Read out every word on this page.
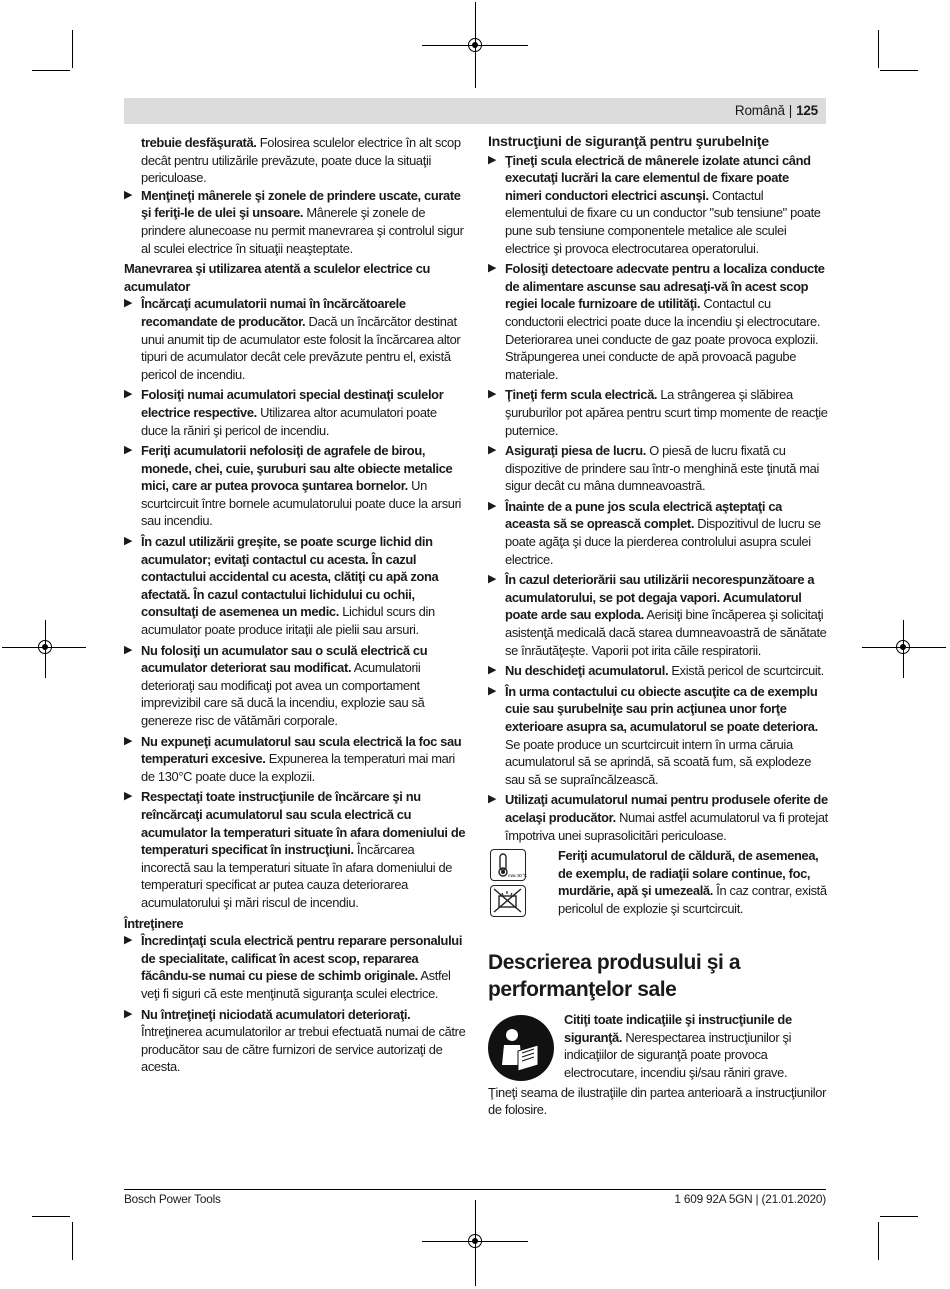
Română | 125

trebuie desfăşurată. Folosirea sculelor electrice în alt scop decât pentru utilizările prevăzute, poate duce la situaţii periculoase.

▶ Menţineţi mânerele şi zonele de prindere uscate, curate şi feriţi-le de ulei şi unsoare. Mânerele şi zonele de prindere alunecoase nu permit manevrarea şi controlul sigur al sculei electrice în situaţii neaşteptate.

Manevrarea şi utilizarea atentă a sculelor electrice cu acumulator

▶ Încărcaţi acumulatorii numai în încărcătoarele recomandate de producător. Dacă un încărcător destinat unui anumit tip de acumulator este folosit la încărcarea altor tipuri de acumulator decât cele prevăzute pentru el, există pericol de incendiu.
▶ Folosiţi numai acumulatori special destinaţi sculelor electrice respective. Utilizarea altor acumulatori poate duce la răniri şi pericol de incendiu.
▶ Feriţi acumulatorii nefolosiţi de agrafele de birou, monede, chei, cuie, şuruburi sau alte obiecte metalice mici, care ar putea provoca şuntarea bornelor. Un scurtcircuit între bornele acumulatorului poate duce la arsuri sau incendiu.
▶ În cazul utilizării greşite, se poate scurge lichid din acumulator; evitaţi contactul cu acesta. În cazul contactului accidental cu acesta, clătiţi cu apă zona afectată. În cazul contactului lichidului cu ochii, consultaţi de asemenea un medic. Lichidul scurs din acumulator poate produce iritaţii ale pielii sau arsuri.
▶ Nu folosiţi un acumulator sau o sculă electrică cu acumulator deteriorat sau modificat. Acumulatorii deterioraţi sau modificaţi pot avea un comportament imprevizibil care să ducă la incendiu, explozie sau să genereze risc de vătămări corporale.
▶ Nu expuneţi acumulatorul sau scula electrică la foc sau temperaturi excesive. Expunerea la temperaturi mai mari de 130°C poate duce la explozii.
▶ Respectaţi toate instrucţiunile de încărcare şi nu reîncărcaţi acumulatorul sau scula electrică cu acumulator la temperaturi situate în afara domeniului de temperaturi specificat în instrucţiuni. Încărcarea incorectă sau la temperaturi situate în afara domeniului de temperaturi specificat ar putea cauza deteriorarea acumulatorului şi mări riscul de incendiu.

Întreţinere

▶ Încredinţaţi scula electrică pentru reparare personalului de specialitate, calificat în acest scop, repararea făcându-se numai cu piese de schimb originale. Astfel veţi fi siguri că este menţinută siguranţa sculei electrice.
▶ Nu întreţineţi niciodată acumulatori deterioraţi. Întreţinerea acumulatorilor ar trebui efectuată numai de către producător sau de către furnizori de service autorizaţi de acesta.

Instrucţiuni de siguranţă pentru şurubelniţe

▶ Ţineţi scula electrică de mânerele izolate atunci când executaţi lucrări la care elementul de fixare poate nimeri conductori electrici ascunşi. Contactul elementului de fixare cu un conductor "sub tensiune" poate pune sub tensiune componentele metalice ale sculei electrice şi provoca electrocutarea operatorului.
▶ Folosiţi detectoare adecvate pentru a localiza conducte de alimentare ascunse sau adresaţi-vă în acest scop regiei locale furnizoare de utilităţi. Contactul cu conductorii electrici poate duce la incendiu şi electrocutare. Deteriorarea unei conducte de gaz poate provoca explozii. Străpungerea unei conducte de apă provoacă pagube materiale.
▶ Ţineţi ferm scula electrică. La strângerea şi slăbirea şuruburilor pot apărea pentru scurt timp momente de reacţie puternice.
▶ Asiguraţi piesa de lucru. O piesă de lucru fixată cu dispozitive de prindere sau într-o menghină este ţinută mai sigur decât cu mâna dumneavoastră.
▶ Înainte de a pune jos scula electrică aşteptaţi ca aceasta să se oprească complet. Dispozitivul de lucru se poate agăţa şi duce la pierderea controlului asupra sculei electrice.
▶ În cazul deteriorării sau utilizării necorespunzătoare a acumulatorului, se pot degaja vapori. Acumulatorul poate arde sau exploda. Aerisiţi bine încăperea şi solicitaţi asistenţă medicală dacă starea dumneavoastră de sănătate se înrăutăţeşte. Vaporii pot irita căile respiratorii.
▶ Nu deschideţi acumulatorul. Există pericol de scurtcircuit.
▶ În urma contactului cu obiecte ascuţite ca de exemplu cuie sau şurubelniţe sau prin acţiunea unor forţe exterioare asupra sa, acumulatorul se poate deteriora. Se poate produce un scurtcircuit intern în urma căruia acumulatorul să se aprindă, să scoată fum, să explodeze sau să se supraîncălzească.
▶ Utilizaţi acumulatorul numai pentru produsele oferite de acelaşi producător. Numai astfel acumulatorul va fi protejat împotriva unei suprasolicitări periculoase.
max. 50 °C
Feriţi acumulatorul de căldură, de asemenea, de exemplu, de radiaţii solare continue, foc, murdărie, apă şi umezeală. În caz contrar, există pericolul de explozie şi scurtcircuit.
Descrierea produsului şi a performanţelor sale
Citiţi toate indicaţiile şi instrucţiunile de siguranţă. Nerespectarea instrucţiunilor şi indicaţiilor de siguranţă poate provoca electrocutare, incendiu şi/sau răniri grave.

Ţineţi seama de ilustraţiile din partea anterioară a instrucţiunilor de folosire.

Bosch Power Tools	1 609 92A 5GN | (21.01.2020)
